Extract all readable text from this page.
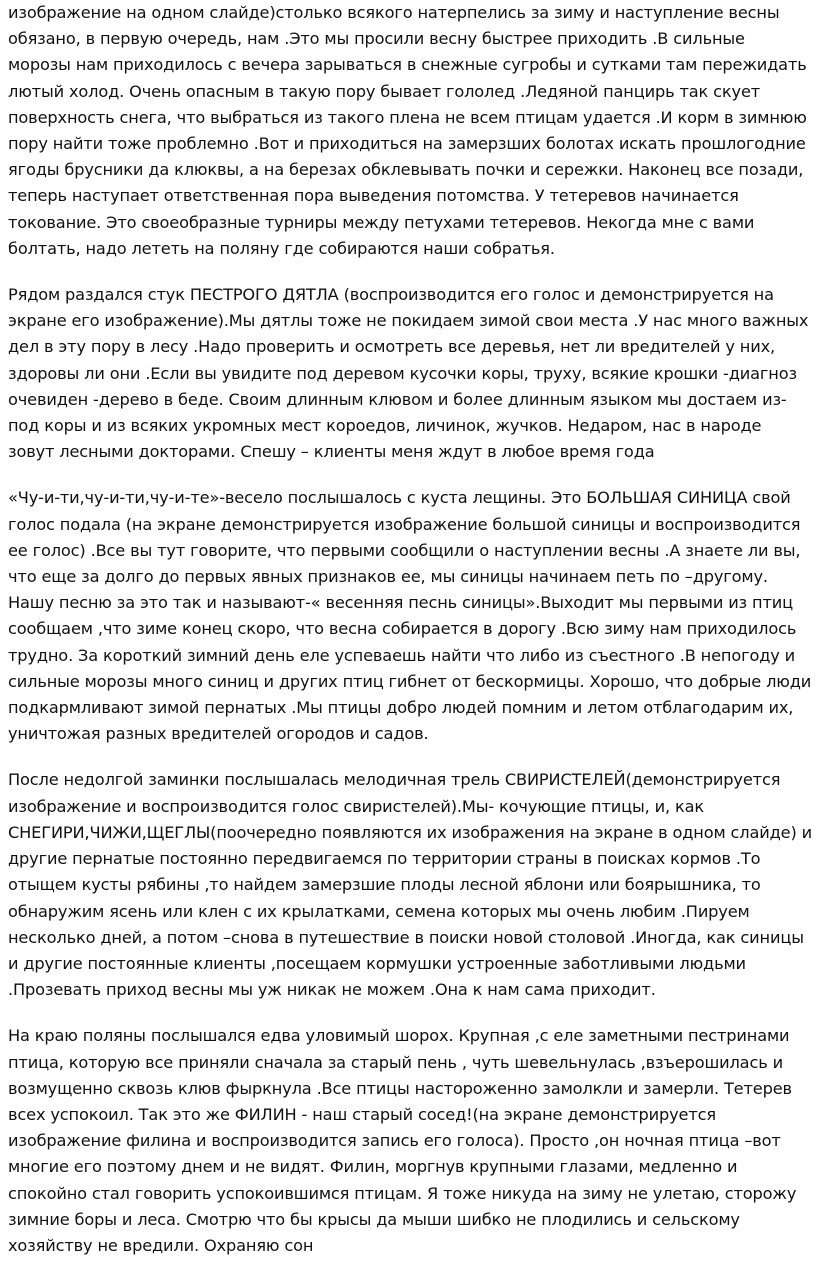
изображение на одном слайде)столько всякого натерпелись за зиму и наступление весны обязано, в первую очередь, нам .Это мы просили весну быстрее приходить .В сильные морозы нам приходилось с вечера зарываться в снежные сугробы и сутками там пережидать лютый холод. Очень опасным в такую пору бывает гололед .Ледяной панцирь так скует поверхность снега, что выбраться из такого плена не всем птицам удается .И корм в зимнюю пору найти тоже проблемно .Вот и приходиться на замерзших болотах искать прошлогодние ягоды брусники да клюквы, а на березах обклевывать почки и сережки. Наконец все позади, теперь наступает ответственная пора выведения потомства. У тетеревов начинается токование. Это своеобразные турниры между петухами тетеревов. Некогда мне с вами болтать, надо лететь на поляну где собираются наши собратья.

Рядом раздался стук ПЕСТРОГО ДЯТЛА (воспроизводится его голос и демонстрируется на экране его изображение).Мы дятлы тоже не покидаем зимой свои места .У нас много важных дел в эту пору в лесу .Надо проверить и осмотреть все деревья, нет ли вредителей у них, здоровы ли они .Если вы увидите под деревом кусочки коры, труху, всякие крошки -диагноз очевиден -дерево в беде. Своим длинным клювом и более длинным языком мы достаем из-под коры и из всяких укромных мест короедов, личинок, жучков. Недаром, нас в народе зовут лесными докторами. Спешу – клиенты меня ждут в любое время года

«Чу-и-ти,чу-и-ти,чу-и-те»-весело послышалось с куста лещины. Это БОЛЬШАЯ СИНИЦА свой голос подала (на экране демонстрируется изображение большой синицы и воспроизводится ее голос) .Все вы тут говорите, что первыми сообщили о наступлении весны .А знаете ли вы, что еще за долго до первых явных признаков ее, мы синицы начинаем петь по –другому. Нашу песню за это так и называют-« весенняя песнь синицы».Выходит мы первыми из птиц сообщаем ,что зиме конец скоро, что весна собирается в дорогу .Всю зиму нам приходилось трудно. За короткий зимний день еле успеваешь найти что либо из съестного .В непогоду и сильные морозы много синиц и других птиц гибнет от бескормицы. Хорошо, что добрые люди подкармливают зимой пернатых .Мы птицы добро людей помним и летом отблагодарим их, уничтожая разных вредителей огородов и садов.

После недолгой заминки послышалась мелодичная трель СВИРИСТЕЛЕЙ(демонстрируется изображение и воспроизводится голос свиристелей).Мы- кочующие птицы, и, как СНЕГИРИ,ЧИЖИ,ЩЕГЛЫ(поочередно появляются их изображения на экране в одном слайде) и другие пернатые постоянно передвигаемся по территории страны в поисках кормов .То отыщем кусты рябины ,то найдем замерзшие плоды лесной яблони или боярышника, то обнаружим ясень или клен с их крылатками, семена которых мы очень любим .Пируем несколько дней, а потом –снова в путешествие в поиски новой столовой .Иногда, как синицы и другие постоянные клиенты ,посещаем кормушки устроенные заботливыми людьми .Прозевать приход весны мы уж никак не можем .Она к нам сама приходит.

На краю поляны послышался едва уловимый шорох. Крупная ,с еле заметными пестринами птица, которую все приняли сначала за старый пень , чуть шевельнулась ,взъерошилась и возмущенно сквозь клюв фыркнула .Все птицы настороженно замолкли и замерли. Тетерев всех успокоил. Так это же ФИЛИН - наш старый сосед!(на экране демонстрируется изображение филина и воспроизводится запись его голоса). Просто ,он ночная птица –вот многие его поэтому днем и не видят. Филин, моргнув крупными глазами, медленно и спокойно стал говорить успокоившимся птицам. Я тоже никуда на зиму не улетаю, сторожу зимние боры и леса. Смотрю что бы крысы да мыши шибко не плодились и сельскому хозяйству не вредили. Охраняю сон
